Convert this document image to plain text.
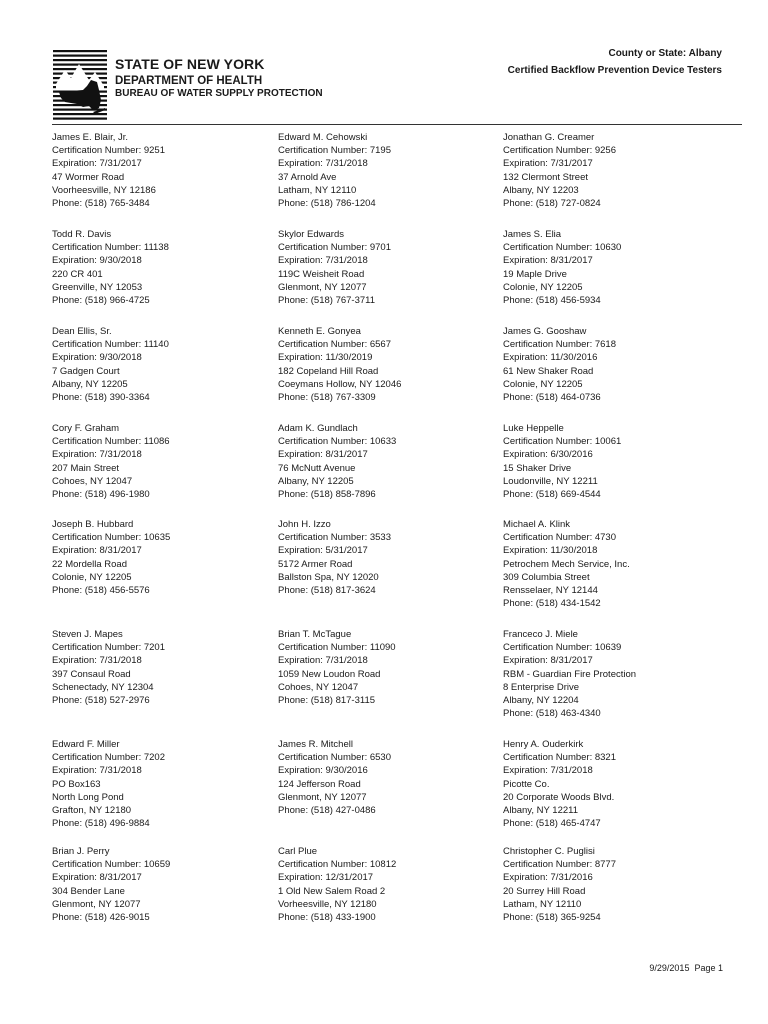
STATE OF NEW YORK
DEPARTMENT OF HEALTH
BUREAU OF WATER SUPPLY PROTECTION
County or State: Albany
Certified Backflow Prevention Device Testers
James E. Blair, Jr.
Certification Number: 9251
Expiration: 7/31/2017
47 Wormer Road
Voorheesville, NY 12186
Phone: (518) 765-3484
Edward M. Cehowski
Certification Number: 7195
Expiration: 7/31/2018
37 Arnold Ave
Latham, NY 12110
Phone: (518) 786-1204
Jonathan G. Creamer
Certification Number: 9256
Expiration: 7/31/2017
132 Clermont Street
Albany, NY 12203
Phone: (518) 727-0824
Todd R. Davis
Certification Number: 11138
Expiration: 9/30/2018
220 CR 401
Greenville, NY 12053
Phone: (518) 966-4725
Skylor Edwards
Certification Number: 9701
Expiration: 7/31/2018
119C Weisheit Road
Glenmont, NY 12077
Phone: (518) 767-3711
James S. Elia
Certification Number: 10630
Expiration: 8/31/2017
19 Maple Drive
Colonie, NY 12205
Phone: (518) 456-5934
Dean Ellis, Sr.
Certification Number: 11140
Expiration: 9/30/2018
7 Gadgen Court
Albany, NY 12205
Phone: (518) 390-3364
Kenneth E. Gonyea
Certification Number: 6567
Expiration: 11/30/2019
182 Copeland Hill Road
Coeymans Hollow, NY 12046
Phone: (518) 767-3309
James G. Gooshaw
Certification Number: 7618
Expiration: 11/30/2016
61 New Shaker Road
Colonie, NY 12205
Phone: (518) 464-0736
Cory F. Graham
Certification Number: 11086
Expiration: 7/31/2018
207 Main Street
Cohoes, NY 12047
Phone: (518) 496-1980
Adam K. Gundlach
Certification Number: 10633
Expiration: 8/31/2017
76 McNutt Avenue
Albany, NY 12205
Phone: (518) 858-7896
Luke Heppelle
Certification Number: 10061
Expiration: 6/30/2016
15 Shaker Drive
Loudonville, NY 12211
Phone: (518) 669-4544
Joseph B. Hubbard
Certification Number: 10635
Expiration: 8/31/2017
22 Mordella Road
Colonie, NY 12205
Phone: (518) 456-5576
John H. Izzo
Certification Number: 3533
Expiration: 5/31/2017
5172 Armer Road
Ballston Spa, NY 12020
Phone: (518) 817-3624
Michael A. Klink
Certification Number: 4730
Expiration: 11/30/2018
Petrochem Mech Service, Inc.
309 Columbia Street
Rensselaer, NY 12144
Phone: (518) 434-1542
Steven J. Mapes
Certification Number: 7201
Expiration: 7/31/2018
397 Consaul Road
Schenectady, NY 12304
Phone: (518) 527-2976
Brian T. McTague
Certification Number: 11090
Expiration: 7/31/2018
1059 New Loudon Road
Cohoes, NY 12047
Phone: (518) 817-3115
Franceco J. Miele
Certification Number: 10639
Expiration: 8/31/2017
RBM - Guardian Fire Protection
8 Enterprise Drive
Albany, NY 12204
Phone: (518) 463-4340
Edward F. Miller
Certification Number: 7202
Expiration: 7/31/2018
PO Box163
North Long Pond
Grafton, NY 12180
Phone: (518) 496-9884
James R. Mitchell
Certification Number: 6530
Expiration: 9/30/2016
124 Jefferson Road
Glenmont, NY 12077
Phone: (518) 427-0486
Henry A. Ouderkirk
Certification Number: 8321
Expiration: 7/31/2018
Picotte Co.
20 Corporate Woods Blvd.
Albany, NY 12211
Phone: (518) 465-4747
Brian J. Perry
Certification Number: 10659
Expiration: 8/31/2017
304 Bender Lane
Glenmont, NY 12077
Phone: (518) 426-9015
Carl Plue
Certification Number: 10812
Expiration: 12/31/2017
1 Old New Salem Road 2
Vorheesville, NY 12180
Phone: (518) 433-1900
Christopher C. Puglisi
Certification Number: 8777
Expiration: 7/31/2016
20 Surrey Hill Road
Latham, NY 12110
Phone: (518) 365-9254
9/29/2015 Page 1
